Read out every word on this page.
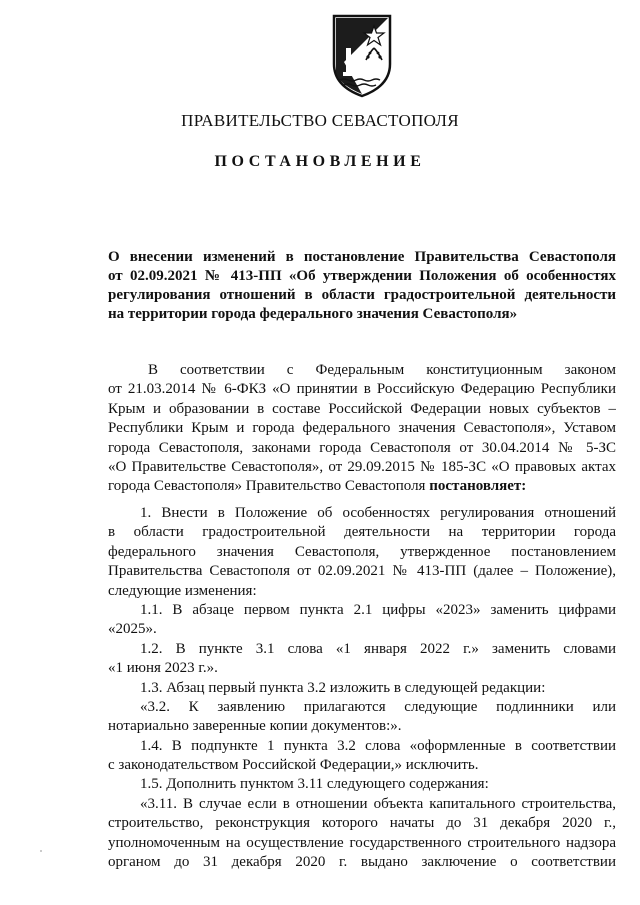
ПРАВИТЕЛЬСТВО СЕВАСТОПОЛЯ
ПОСТАНОВЛЕНИЕ
О внесении изменений в постановление Правительства Севастополя
от 02.09.2021 № 413-ПП «Об утверждении Положения об особенностях
регулирования отношений в области градостроительной деятельности
на территории города федерального значения Севастополя»
В соответствии с Федеральным конституционным законом
от 21.03.2014 № 6-ФКЗ «О принятии в Российскую Федерацию Республики
Крым и образовании в составе Российской Федерации новых субъектов –
Республики Крым и города федерального значения Севастополя», Уставом
города Севастополя, законами города Севастополя от 30.04.2014 № 5-ЗС
«О Правительстве Севастополя», от 29.09.2015 № 185-ЗС «О правовых актах
города Севастополя» Правительство Севастополя постановляет:
1. Внести в Положение об особенностях регулирования отношений
в области градостроительной деятельности на территории города
федерального значения Севастополя, утвержденное постановлением
Правительства Севастополя от 02.09.2021 № 413-ПП (далее – Положение),
следующие изменения:
1.1. В абзаце первом пункта 2.1 цифры «2023» заменить цифрами
«2025».
1.2. В пункте 3.1 слова «1 января 2022 г.» заменить словами
«1 июня 2023 г.».
1.3. Абзац первый пункта 3.2 изложить в следующей редакции:
«3.2. К заявлению прилагаются следующие подлинники или
нотариально заверенные копии документов:».
1.4. В подпункте 1 пункта 3.2 слова «оформленные в соответствии
с законодательством Российской Федерации,» исключить.
1.5. Дополнить пунктом 3.11 следующего содержания:
«3.11. В случае если в отношении объекта капитального строительства,
строительство, реконструкция которого начаты до 31 декабря 2020 г.,
уполномоченным на осуществление государственного строительного надзора
органом до 31 декабря 2020 г. выдано заключение о соответствии
